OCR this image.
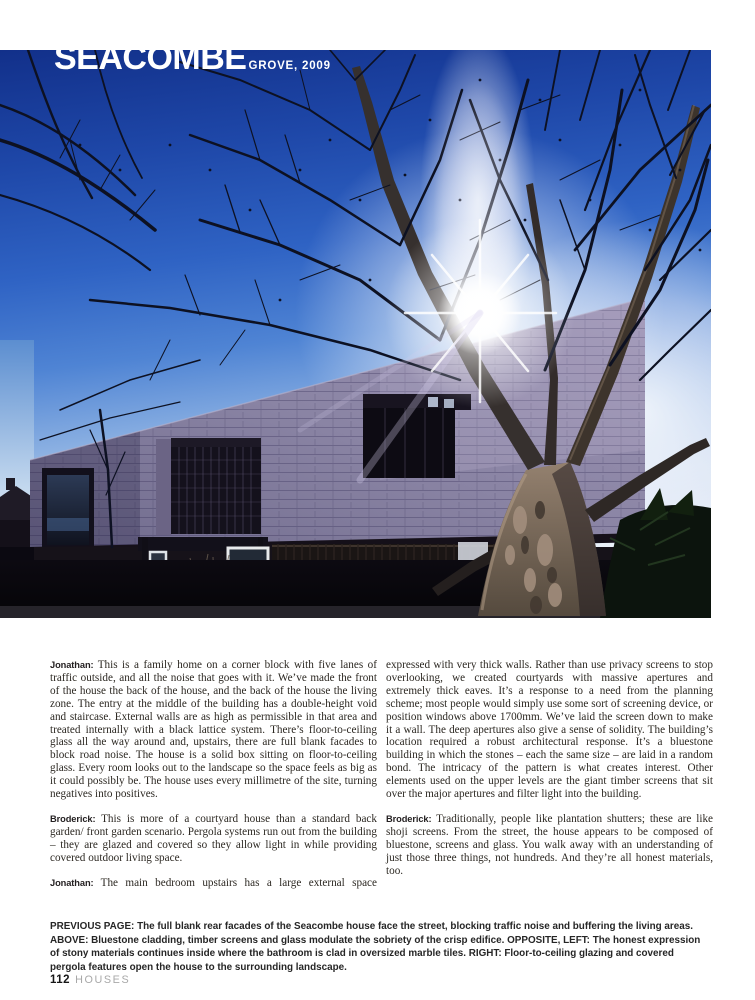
SEACOMBE GROVE, 2009

Jonathan: This is a family home on a corner block with five lanes of traffic outside, and all the noise that goes with it. We’ve made the front of the house the back of the house, and the back of the house the living zone. The entry at the middle of the building has a double-height void and staircase. External walls are as high as permissible in that area and treated internally with a black lattice system. There’s floor-to-ceiling glass all the way around and, upstairs, there are full blank facades to block road noise. The house is a solid box sitting on floor-to-ceiling glass. Every room looks out to the landscape so the space feels as big as it could possibly be. The house uses every millimetre of the site, turning negatives into positives.

Broderick: This is more of a courtyard house than a standard back garden/ front garden scenario. Pergola systems run out from the building – they are glazed and covered so they allow light in while providing covered outdoor living space.

Jonathan: The main bedroom upstairs has a large external space

expressed with very thick walls. Rather than use privacy screens to stop overlooking, we created courtyards with massive apertures and extremely thick eaves. It’s a response to a need from the planning scheme; most people would simply use some sort of screening device, or position windows above 1700mm. We’ve laid the screen down to make it a wall. The deep apertures also give a sense of solidity. The building’s location required a robust architectural response. It’s a bluestone building in which the stones – each the same size – are laid in a random bond. The intricacy of the pattern is what creates interest. Other elements used on the upper levels are the giant timber screens that sit over the major apertures and filter light into the building.

Broderick: Traditionally, people like plantation shutters; these are like shoji screens. From the street, the house appears to be composed of bluestone, screens and glass. You walk away with an understanding of just those three things, not hundreds. And they’re all honest materials, too.

PREVIOUS PAGE: The full blank rear facades of the Seacombe house face the street, blocking traffic noise and buffering the living areas. ABOVE: Bluestone cladding, timber screens and glass modulate the sobriety of the crisp edifice. OPPOSITE, LEFT: The honest expression of stony materials continues inside where the bathroom is clad in oversized marble tiles. RIGHT: Floor-to-ceiling glazing and covered pergola features open the house to the surrounding landscape.
112 HOUSES
